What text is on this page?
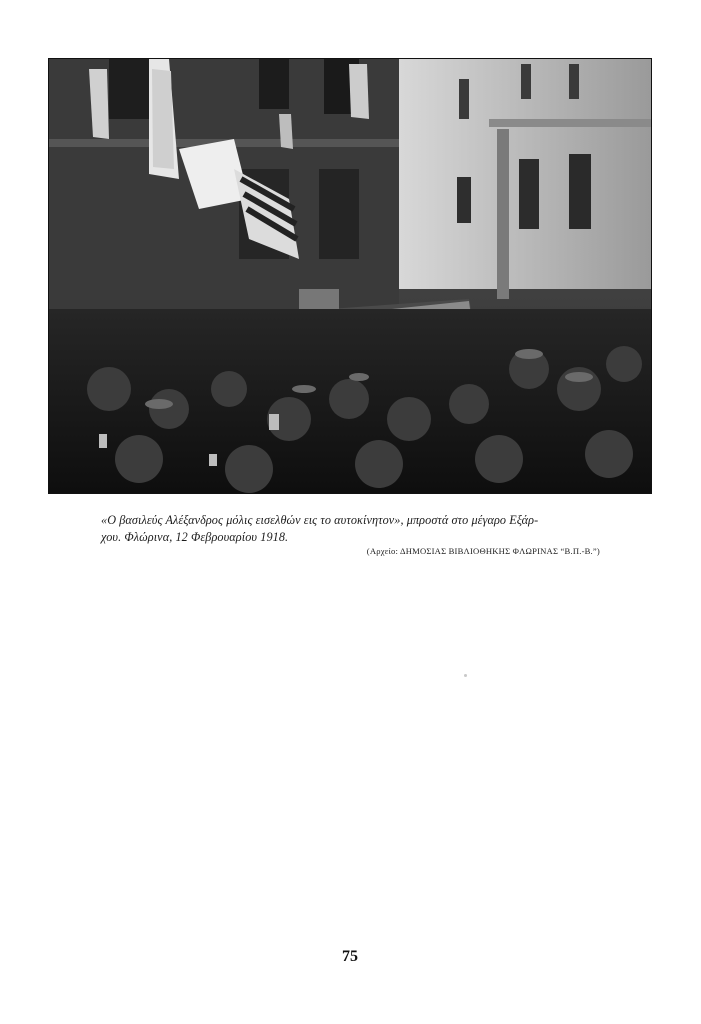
«Ο βασιλεύς Αλέξανδρος μόλις εισελθών εις το αυτοκίνητον», μπροστά στο μέγαρο Εξάρ-
χου. Φλώρινα, 12 Φεβρουαρίου 1918.
(Αρχείο: ΔΗΜΟΣΙΑΣ ΒΙΒΛΙΟΘΗΚΗΣ ΦΛΩΡΙΝΑΣ “Β.Π.-Β.”)
75
